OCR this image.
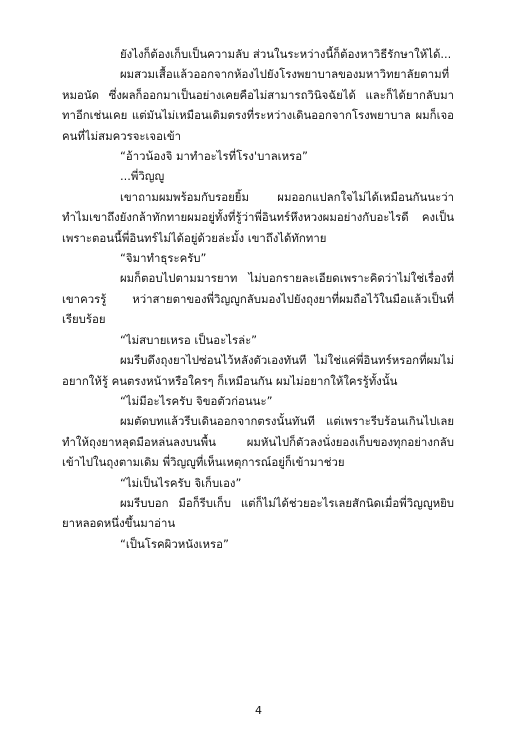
ยังไงก็ต้องเก็บเป็นความลับ ส่วนในระหว่างนี้ก็ต้องหาวิธีรักษาให้ได้...

ผมสวมเสื้อแล้วออกจากห้องไปยังโรงพยาบาลของมหาวิทยาลัยตามที่หมอนัด ซึ่งผลก็ออกมาเป็นอย่างเคยคือไม่สามารถวินิจฉัยได้ และก็ได้ยากลับมาทาอีกเช่นเคย แต่มันไม่เหมือนเดิมตรงที่ระหว่างเดินออกจากโรงพยาบาล ผมก็เจอคนที่ไม่สมควรจะเจอเข้า

“อ้าวน้องจิ มาทำอะไรที่โรง'บาลเหรอ”

...พี่วิญญู

เขาถามผมพร้อมกับรอยยิ้ม ผมออกแปลกใจไม่ได้เหมือนกันนะว่าทำไมเขาถึงยังกล้าทักทายผมอยู่ทั้งที่รู้ว่าพี่อินทร์หึงหวงผมอย่างกับอะไรดี คงเป็นเพราะตอนนี้พี่อินทร์ไม่ได้อยู่ด้วยล่ะมั้ง เขาถึงได้ทักทาย

“จิมาทำธุระครับ”

ผมก็ตอบไปตามมารยาท ไม่บอกรายละเอียดเพราะคิดว่าไม่ใช่เรื่องที่เขาควรรู้ หว่าสายตาของพี่วิญญูกลับมองไปยังถุงยาที่ผมถือไว้ในมือแล้วเป็นที่เรียบร้อย

“ไม่สบายเหรอ เป็นอะไรล่ะ”

ผมรีบดึงถุงยาไปซ่อนไว้หลังตัวเองทันที ไม่ใช่แค่พี่อินทร์หรอกที่ผมไม่อยากให้รู้ คนตรงหน้าหรือใครๆ ก็เหมือนกัน ผมไม่อยากให้ใครรู้ทั้งนั้น

“ไม่มีอะไรครับ จิขอตัวก่อนนะ”

ผมตัดบทแล้วรีบเดินออกจากตรงนั้นทันที แต่เพราะรีบร้อนเกินไปเลยทำให้ถุงยาหลุดมือหล่นลงบนพื้น ผมหันไปก็ตัวลงนั่งยองเก็บของทุกอย่างกลับเข้าไปในถุงตามเดิม พี่วิญญูที่เห็นเหตุการณ์อยู่ก็เข้ามาช่วย

“ไม่เป็นไรครับ จิเก็บเอง”

ผมรีบบอก มือก็รีบเก็บ แต่ก็ไม่ได้ช่วยอะไรเลยสักนิดเมื่อพี่วิญญูหยิบยาหลอดหนึ่งขึ้นมาอ่าน

“เป็นโรคผิวหนังเหรอ”

4
